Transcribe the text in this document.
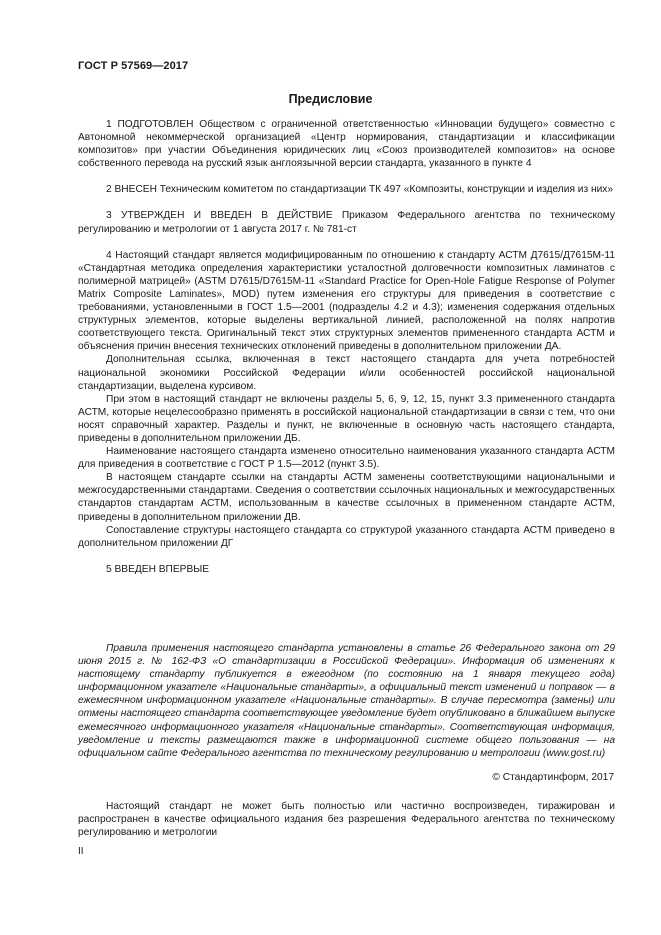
ГОСТ Р 57569—2017
Предисловие

1 ПОДГОТОВЛЕН Обществом с ограниченной ответственностью «Инновации будущего» совместно с Автономной некоммерческой организацией «Центр нормирования, стандартизации и классификации композитов» при участии Объединения юридических лиц «Союз производителей композитов» на основе собственного перевода на русский язык англоязычной версии стандарта, указанного в пункте 4

2 ВНЕСЕН Техническим комитетом по стандартизации ТК 497 «Композиты, конструкции и изделия из них»

3 УТВЕРЖДЕН И ВВЕДЕН В ДЕЙСТВИЕ Приказом Федерального агентства по техническому регулированию и метрологии от 1 августа 2017 г. № 781-ст

4 Настоящий стандарт является модифицированным по отношению к стандарту АСТМ Д7615/Д7615М-11 «Стандартная методика определения характеристики усталостной долговечности композитных ламинатов с полимерной матрицей» (ASTM D7615/D7615M-11 «Standard Practice for Open-Hole Fatigue Response of Polymer Matrix Composite Laminates», MOD) путем изменения его структуры для приведения в соответствие с требованиями, установленными в ГОСТ 1.5—2001 (подразделы 4.2 и 4.3); изменения содержания отдельных структурных элементов, которые выделены вертикальной линией, расположенной на полях напротив соответствующего текста. Оригинальный текст этих структурных элементов примененного стандарта АСТМ и объяснения причин внесения технических отклонений приведены в дополнительном приложении ДА.

Дополнительная ссылка, включенная в текст настоящего стандарта для учета потребностей национальной экономики Российской Федерации и/или особенностей российской национальной стандартизации, выделена курсивом.

При этом в настоящий стандарт не включены разделы 5, 6, 9, 12, 15, пункт 3.3 примененного стандарта АСТМ, которые нецелесообразно применять в российской национальной стандартизации в связи с тем, что они носят справочный характер. Разделы и пункт, не включенные в основную часть настоящего стандарта, приведены в дополнительном приложении ДБ.

Наименование настоящего стандарта изменено относительно наименования указанного стандарта АСТМ для приведения в соответствие с ГОСТ Р 1.5—2012 (пункт 3.5).

В настоящем стандарте ссылки на стандарты АСТМ заменены соответствующими национальными и межгосударственными стандартами. Сведения о соответствии ссылочных национальных и межгосударственных стандартов стандартам АСТМ, использованным в качестве ссылочных в примененном стандарте АСТМ, приведены в дополнительном приложении ДВ.

Сопоставление структуры настоящего стандарта со структурой указанного стандарта АСТМ приведено в дополнительном приложении ДГ

5 ВВЕДЕН ВПЕРВЫЕ

Правила применения настоящего стандарта установлены в статье 26 Федерального закона от 29 июня 2015 г. № 162-ФЗ «О стандартизации в Российской Федерации». Информация об изменениях к настоящему стандарту публикуется в ежегодном (по состоянию на 1 января текущего года) информационном указателе «Национальные стандарты», а официальный текст изменений и поправок — в ежемесячном информационном указателе «Национальные стандарты». В случае пересмотра (замены) или отмены настоящего стандарта соответствующее уведомление будет опубликовано в ближайшем выпуске ежемесячного информационного указателя «Национальные стандарты». Соответствующая информация, уведомление и тексты размещаются также в информационной системе общего пользования — на официальном сайте Федерального агентства по техническому регулированию и метрологии (www.gost.ru)

© Стандартинформ, 2017

Настоящий стандарт не может быть полностью или частично воспроизведен, тиражирован и распространен в качестве официального издания без разрешения Федерального агентства по техническому регулированию и метрологии

II
